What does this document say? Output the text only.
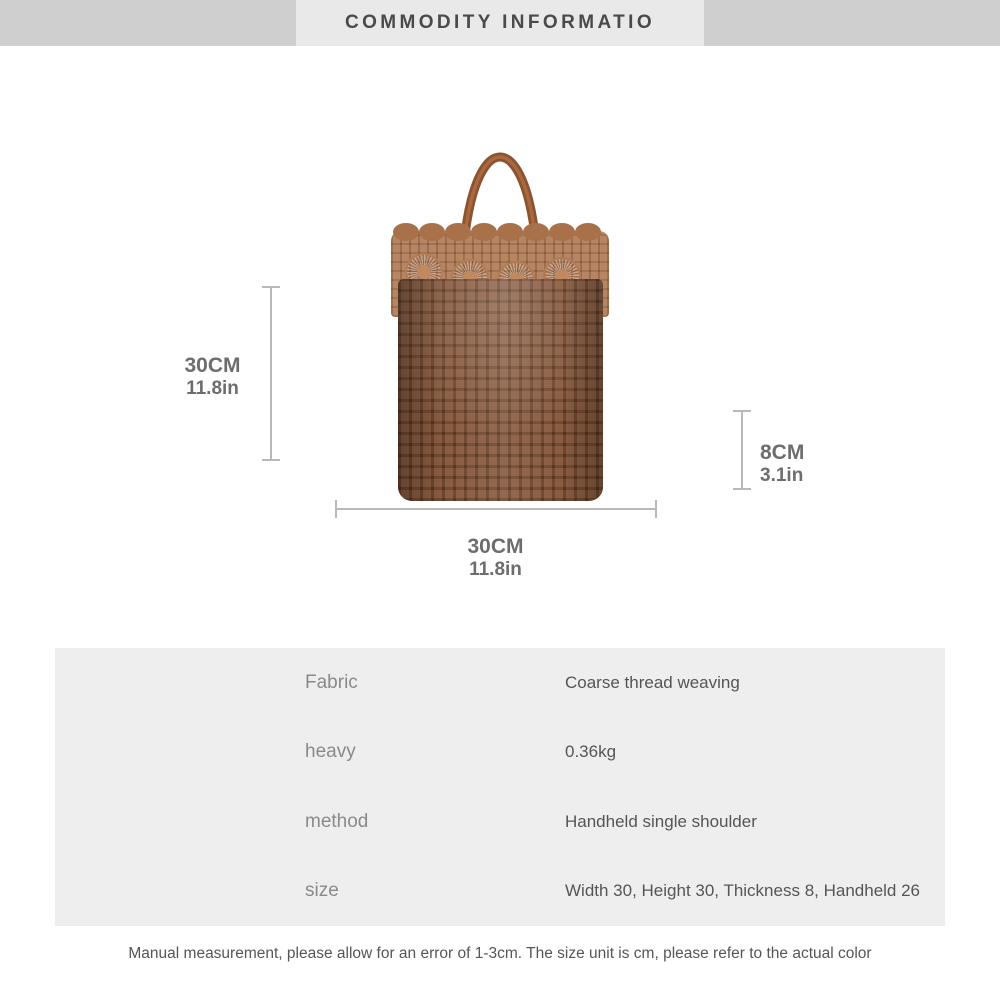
COMMODITY INFORMATIO
30CM
11.8in
30CM
11.8in
8CM
3.1in
Fabric	Coarse thread weaving
heavy	0.36kg
method	Handheld single shoulder
size	Width 30, Height 30, Thickness 8, Handheld 26
Manual measurement, please allow for an error of 1-3cm. The size unit is cm, please refer to the actual color
